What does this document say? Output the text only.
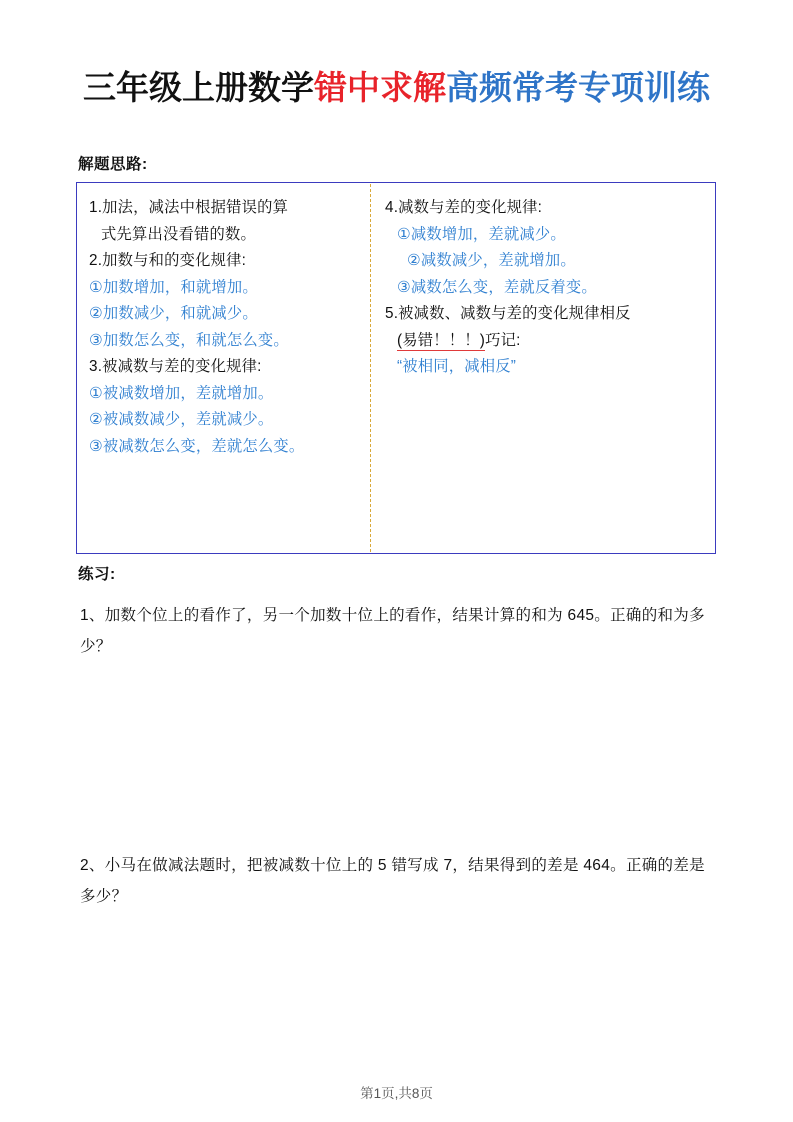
三年级上册数学错中求解高频常考专项训练
解题思路:
1.加法，减法中根据错误的算
式先算出没看错的数。
2.加数与和的变化规律:
①加数增加，和就增加。
②加数减少，和就减少。
③加数怎么变，和就怎么变。
3.被减数与差的变化规律:
①被减数增加，差就增加。
②被减数减少，差就减少。
③被减数怎么变，差就怎么变。
4.减数与差的变化规律:
①减数增加，差就减少。
②减数减少，差就增加。
③减数怎么变，差就反着变。
5.被减数、减数与差的变化规律相反
(易错！！！)巧记:
“被相同，减相反”
练习:
1、加数个位上的看作了，另一个加数十位上的看作，结果计算的和为 645。正确的和为多少？
2、小马在做减法题时，把被减数十位上的 5 错写成 7，结果得到的差是 464。正确的差是多少？
第1页,共8页
